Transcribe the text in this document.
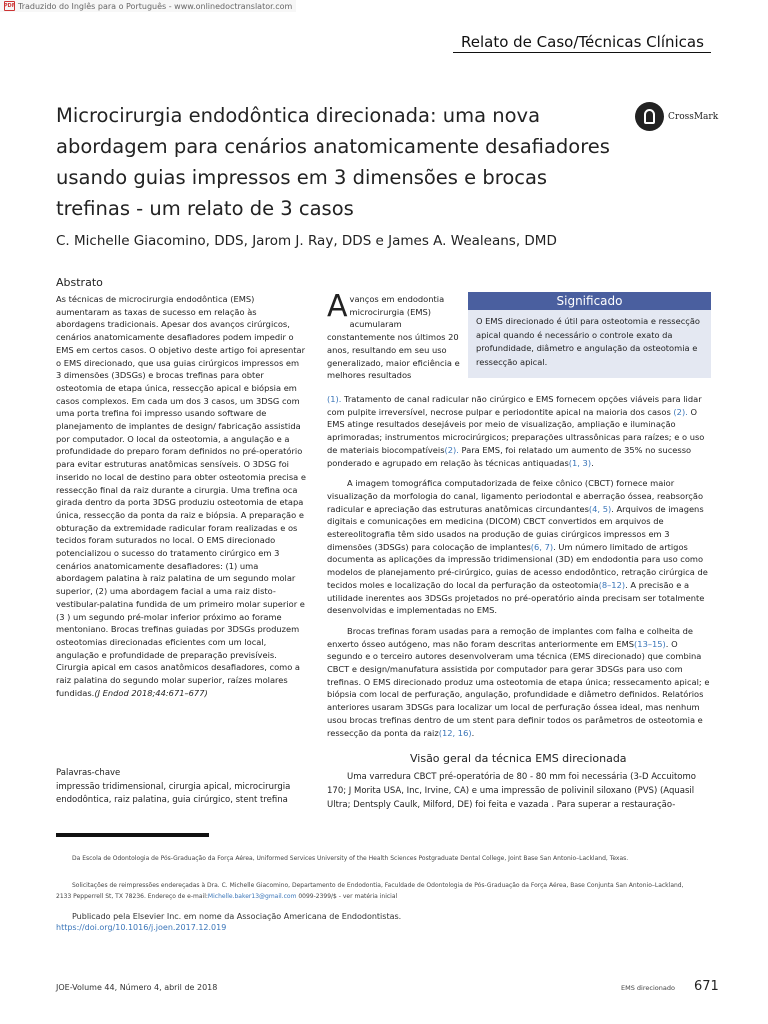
PDF Traduzido do Inglês para o Português - www.onlinedoctranslator.com
Relato de Caso/Técnicas Clínicas
Microcirurgia endodôntica direcionada: uma nova abordagem para cenários anatomicamente desafiadores usando guias impressos em 3 dimensões e brocas trefinas - um relato de 3 casos
CrossMark
C. Michelle Giacomino, DDS, Jarom J. Ray, DDS e James A. Wealeans, DMD
Abstrato
As técnicas de microcirurgia endodôntica (EMS) aumentaram as taxas de sucesso em relação às abordagens tradicionais. Apesar dos avanços cirúrgicos, cenários anatomicamente desafiadores podem impedir o EMS em certos casos. O objetivo deste artigo foi apresentar o EMS direcionado, que usa guias cirúrgicos impressos em 3 dimensões (3DSGs) e brocas trefinas para obter osteotomia de etapa única, ressecção apical e biópsia em casos complexos. Em cada um dos 3 casos, um 3DSG com uma porta trefina foi impresso usando software de planejamento de implantes de design/ fabricação assistida por computador. O local da osteotomia, a angulação e a profundidade do preparo foram definidos no pré-operatório para evitar estruturas anatômicas sensíveis. O 3DSG foi inserido no local de destino para obter osteotomia precisa e ressecção final da raiz durante a cirurgia. Uma trefina oca girada dentro da porta 3DSG produziu osteotomia de etapa única, ressecção da ponta da raiz e biópsia. A preparação e obturação da extremidade radicular foram realizadas e os tecidos foram suturados no local. O EMS direcionado potencializou o sucesso do tratamento cirúrgico em 3 cenários anatomicamente desafiadores: (1) uma abordagem palatina à raiz palatina de um segundo molar superior, (2) uma abordagem facial a uma raiz disto-vestibular-palatina fundida de um primeiro molar superior e (3 ) um segundo pré-molar inferior próximo ao forame mentoniano. Brocas trefinas guiadas por 3DSGs produzem osteotomias direcionadas eficientes com um local, angulação e profundidade de preparação previsíveis. Cirurgia apical em casos anatômicos desafiadores, como a raiz palatina do segundo molar superior, raízes molares fundidas.(J Endod 2018;44:671–677)
Palavras-chave
impressão tridimensional, cirurgia apical, microcirurgia endodôntica, raiz palatina, guia cirúrgico, stent trefina
Avanços em endodontia microcirurgia (EMS) acumularam constantemente nos últimos 20 anos, resultando em seu uso generalizado, maior eficiência e melhores resultados
Significado
O EMS direcionado é útil para osteotomia e ressecção apical quando é necessário o controle exato da profundidade, diâmetro e angulação da osteotomia e ressecção apical.

(1). Tratamento de canal radicular não cirúrgico e EMS fornecem opções viáveis para lidar com pulpite irreversível, necrose pulpar e periodontite apical na maioria dos casos (2). O EMS atinge resultados desejáveis por meio de visualização, ampliação e iluminação aprimoradas; instrumentos microcirúrgicos; preparações ultrassônicas para raízes; e o uso de materiais biocompatíveis(2). Para EMS, foi relatado um aumento de 35% no sucesso ponderado e agrupado em relação às técnicas antiquadas(1, 3).

A imagem tomográfica computadorizada de feixe cônico (CBCT) fornece maior visualização da morfologia do canal, ligamento periodontal e aberração óssea, reabsorção radicular e apreciação das estruturas anatômicas circundantes(4, 5). Arquivos de imagens digitais e comunicações em medicina (DICOM) CBCT convertidos em arquivos de estereolitografia têm sido usados na produção de guias cirúrgicos impressos em 3 dimensões (3DSGs) para colocação de implantes(6, 7). Um número limitado de artigos documenta as aplicações da impressão tridimensional (3D) em endodontia para uso como modelos de planejamento pré-cirúrgico, guias de acesso endodôntico, retração cirúrgica de tecidos moles e localização do local da perfuração da osteotomia(8–12). A precisão e a utilidade inerentes aos 3DSGs projetados no pré-operatório ainda precisam ser totalmente desenvolvidas e implementadas no EMS.

Brocas trefinas foram usadas para a remoção de implantes com falha e colheita de enxerto ósseo autógeno, mas não foram descritas anteriormente em EMS(13–15). O segundo e o terceiro autores desenvolveram uma técnica (EMS direcionado) que combina CBCT e design/manufatura assistida por computador para gerar 3DSGs para uso com trefinas. O EMS direcionado produz uma osteotomia de etapa única; ressecamento apical; e biópsia com local de perfuração, angulação, profundidade e diâmetro definidos. Relatórios anteriores usaram 3DSGs para localizar um local de perfuração óssea ideal, mas nenhum usou brocas trefinas dentro de um stent para definir todos os parâmetros de osteotomia e ressecção da ponta da raiz(12, 16).

Visão geral da técnica EMS direcionada
Uma varredura CBCT pré-operatória de 80 - 80 mm foi necessária (3-D Accuitomo 170; J Morita USA, Inc, Irvine, CA) e uma impressão de polivinil siloxano (PVS) (Aquasil Ultra; Dentsply Caulk, Milford, DE) foi feita e vazada . Para superar a restauração-
Da Escola de Odontologia de Pós-Graduação da Força Aérea, Uniformed Services University of the Health Sciences Postgraduate Dental College, Joint Base San Antonio–Lackland, Texas.
Solicitações de reimpressões endereçadas à Dra. C. Michelle Giacomino, Departamento de Endodontia, Faculdade de Odontologia de Pós-Graduação da Força Aérea, Base Conjunta San Antonio–Lackland,
2133 Pepperrell St, TX 78236. Endereço de e-mail:Michelle.baker13@gmail.com 0099-2399/$ - ver matéria inicial
Publicado pela Elsevier Inc. em nome da Associação Americana de Endodontistas.
https://doi.org/10.1016/j.joen.2017.12.019
JOE-Volume 44, Número 4, abril de 2018	EMS direcionado 671
